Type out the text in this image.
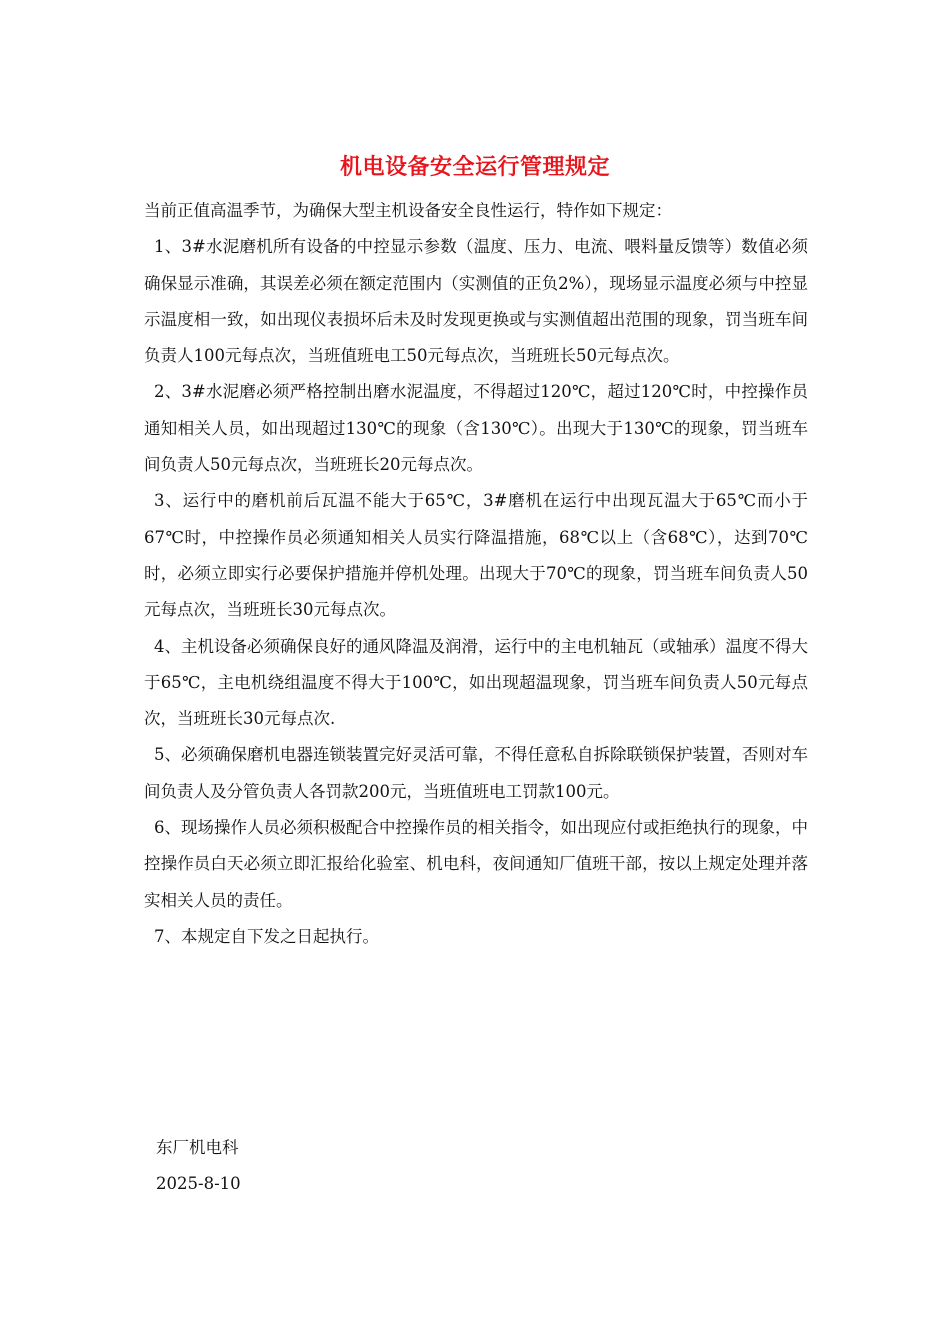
机电设备安全运行管理规定

当前正值高温季节，为确保大型主机设备安全良性运行，特作如下规定：

1、3#水泥磨机所有设备的中控显示参数（温度、压力、电流、喂料量反馈等）数值必须确保显示准确，其误差必须在额定范围内（实测值的正负2%），现场显示温度必须与中控显示温度相一致，如出现仪表损坏后未及时发现更换或与实测值超出范围的现象，罚当班车间负责人100元每点次，当班值班电工50元每点次，当班班长50元每点次。

2、3#水泥磨必须严格控制出磨水泥温度，不得超过120℃，超过120℃时，中控操作员通知相关人员，如出现超过130℃的现象（含130℃）。出现大于130℃的现象，罚当班车间负责人50元每点次，当班班长20元每点次。

3、运行中的磨机前后瓦温不能大于65℃，3#磨机在运行中出现瓦温大于65℃而小于67℃时，中控操作员必须通知相关人员实行降温措施，68℃以上（含68℃），达到70℃时，必须立即实行必要保护措施并停机处理。出现大于70℃的现象，罚当班车间负责人50元每点次，当班班长30元每点次。

4、主机设备必须确保良好的通风降温及润滑，运行中的主电机轴瓦（或轴承）温度不得大于65℃，主电机绕组温度不得大于100℃，如出现超温现象，罚当班车间负责人50元每点次，当班班长30元每点次.

5、必须确保磨机电器连锁装置完好灵活可靠，不得任意私自拆除联锁保护装置，否则对车间负责人及分管负责人各罚款200元，当班值班电工罚款100元。

6、现场操作人员必须积极配合中控操作员的相关指令，如出现应付或拒绝执行的现象，中控操作员白天必须立即汇报给化验室、机电科，夜间通知厂值班干部，按以上规定处理并落实相关人员的责任。

7、本规定自下发之日起执行。

东厂机电科
2025-8-10
